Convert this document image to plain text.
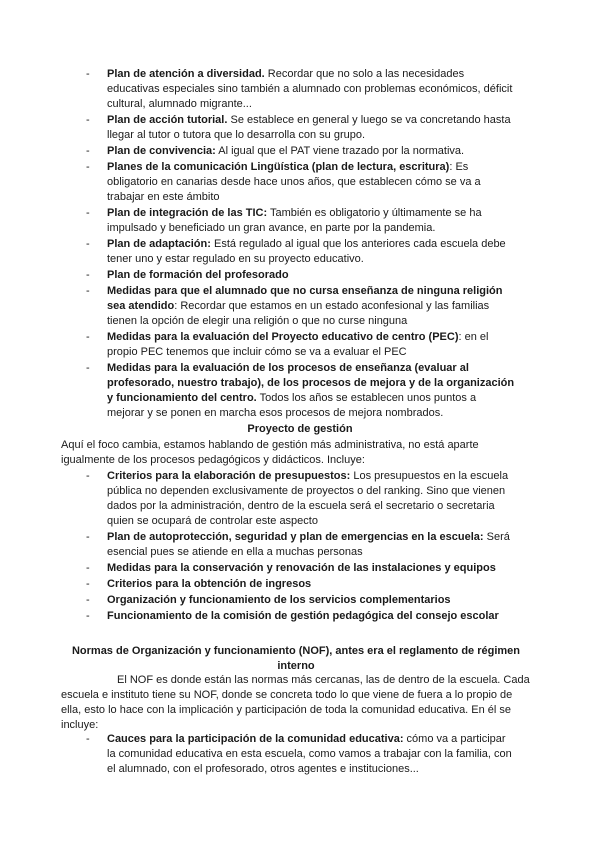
-	Plan de atención a diversidad. Recordar que no solo a las necesidades educativas especiales sino también a alumnado con problemas económicos, déficit cultural, alumnado migrante...
-	Plan de acción tutorial. Se establece en general y luego se va concretando hasta llegar al tutor o tutora que lo desarrolla con su grupo.
-	Plan de convivencia: Al igual que el PAT viene trazado por la normativa.
-	Planes de la comunicación Lingüística (plan de lectura, escritura): Es obligatorio en canarias desde hace unos años, que establecen cómo se va a trabajar en este ámbito
-	Plan de integración de las TIC: También es obligatorio y últimamente se ha impulsado y beneficiado un gran avance, en parte por la pandemia.
-	Plan de adaptación: Está regulado al igual que los anteriores cada escuela debe tener uno y estar regulado en su proyecto educativo.
-	Plan de formación del profesorado
-	Medidas para que el alumnado que no cursa enseñanza de ninguna religión sea atendido: Recordar que estamos en un estado aconfesional y las familias tienen la opción de elegir una religión o que no curse ninguna
-	Medidas para la evaluación del Proyecto educativo de centro (PEC): en el propio PEC tenemos que incluir cómo se va a evaluar el PEC
-	Medidas para la evaluación de los procesos de enseñanza (evaluar al profesorado, nuestro trabajo), de los procesos de mejora y de la organización y funcionamiento del centro. Todos los años se establecen unos puntos a mejorar y se ponen en marcha esos procesos de mejora nombrados.
Proyecto de gestión
Aquí el foco cambia, estamos hablando de gestión más administrativa, no está aparte igualmente de los procesos pedagógicos y didácticos. Incluye:
-	Criterios para la elaboración de presupuestos: Los presupuestos en la escuela pública no dependen exclusivamente de proyectos o del ranking. Sino que vienen dados por la administración, dentro de la escuela será el secretario o secretaria quien se ocupará de controlar este aspecto
-	Plan de autoprotección, seguridad y plan de emergencias en la escuela: Será esencial pues se atiende en ella a muchas personas
-	Medidas para la conservación y renovación de las instalaciones y equipos
-	Criterios para la obtención de ingresos
-	Organización y funcionamiento de los servicios complementarios
-	Funcionamiento de la comisión de gestión pedagógica del consejo escolar
Normas de Organización y funcionamiento (NOF), antes era el reglamento de régimen interno
El NOF es donde están las normas más cercanas, las de dentro de la escuela. Cada escuela e instituto tiene su NOF, donde se concreta todo lo que viene de fuera a lo propio de ella, esto lo hace con la implicación y participación de toda la comunidad educativa. En él se incluye:
-	Cauces para la participación de la comunidad educativa: cómo va a participar la comunidad educativa en esta escuela, como vamos a trabajar con la familia, con el alumnado, con el profesorado, otros agentes e instituciones...
